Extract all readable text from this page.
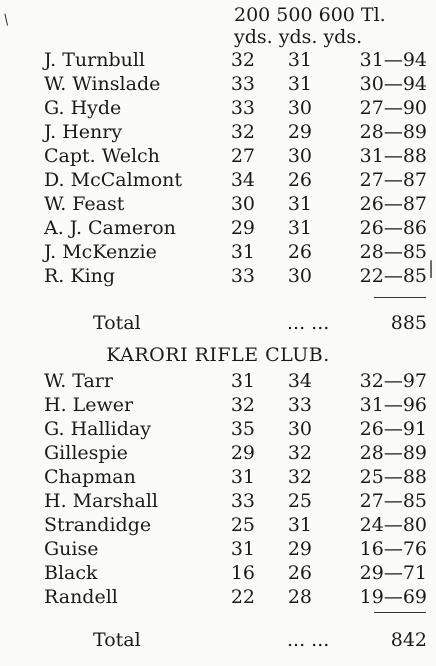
200 500 600 Tl.
yds. yds. yds.
J. Turnbull	32	31	31—94
W. Winslade	33	31	30—94
G. Hyde	33	30	27—90
J. Henry	32	29	28—89
Capt. Welch	27	30	31—88
D. McCalmont	34	26	27—87
W. Feast	30	31	26—87
A. J. Cameron	29	31	26—86
J. McKenzie	31	26	28—85
R. King	33	30	22—85
Total	... ...	885
KARORI RIFLE CLUB.
W. Tarr	31	34	32—97
H. Lewer	32	33	31—96
G. Halliday	35	30	26—91
Gillespie	29	32	28—89
Chapman	31	32	25—88
H. Marshall	33	25	27—85
Strandidge	25	31	24—80
Guise	31	29	16—76
Black	16	26	29—71
Randell	22	28	19—69
Total	... ...	842
∕
|
